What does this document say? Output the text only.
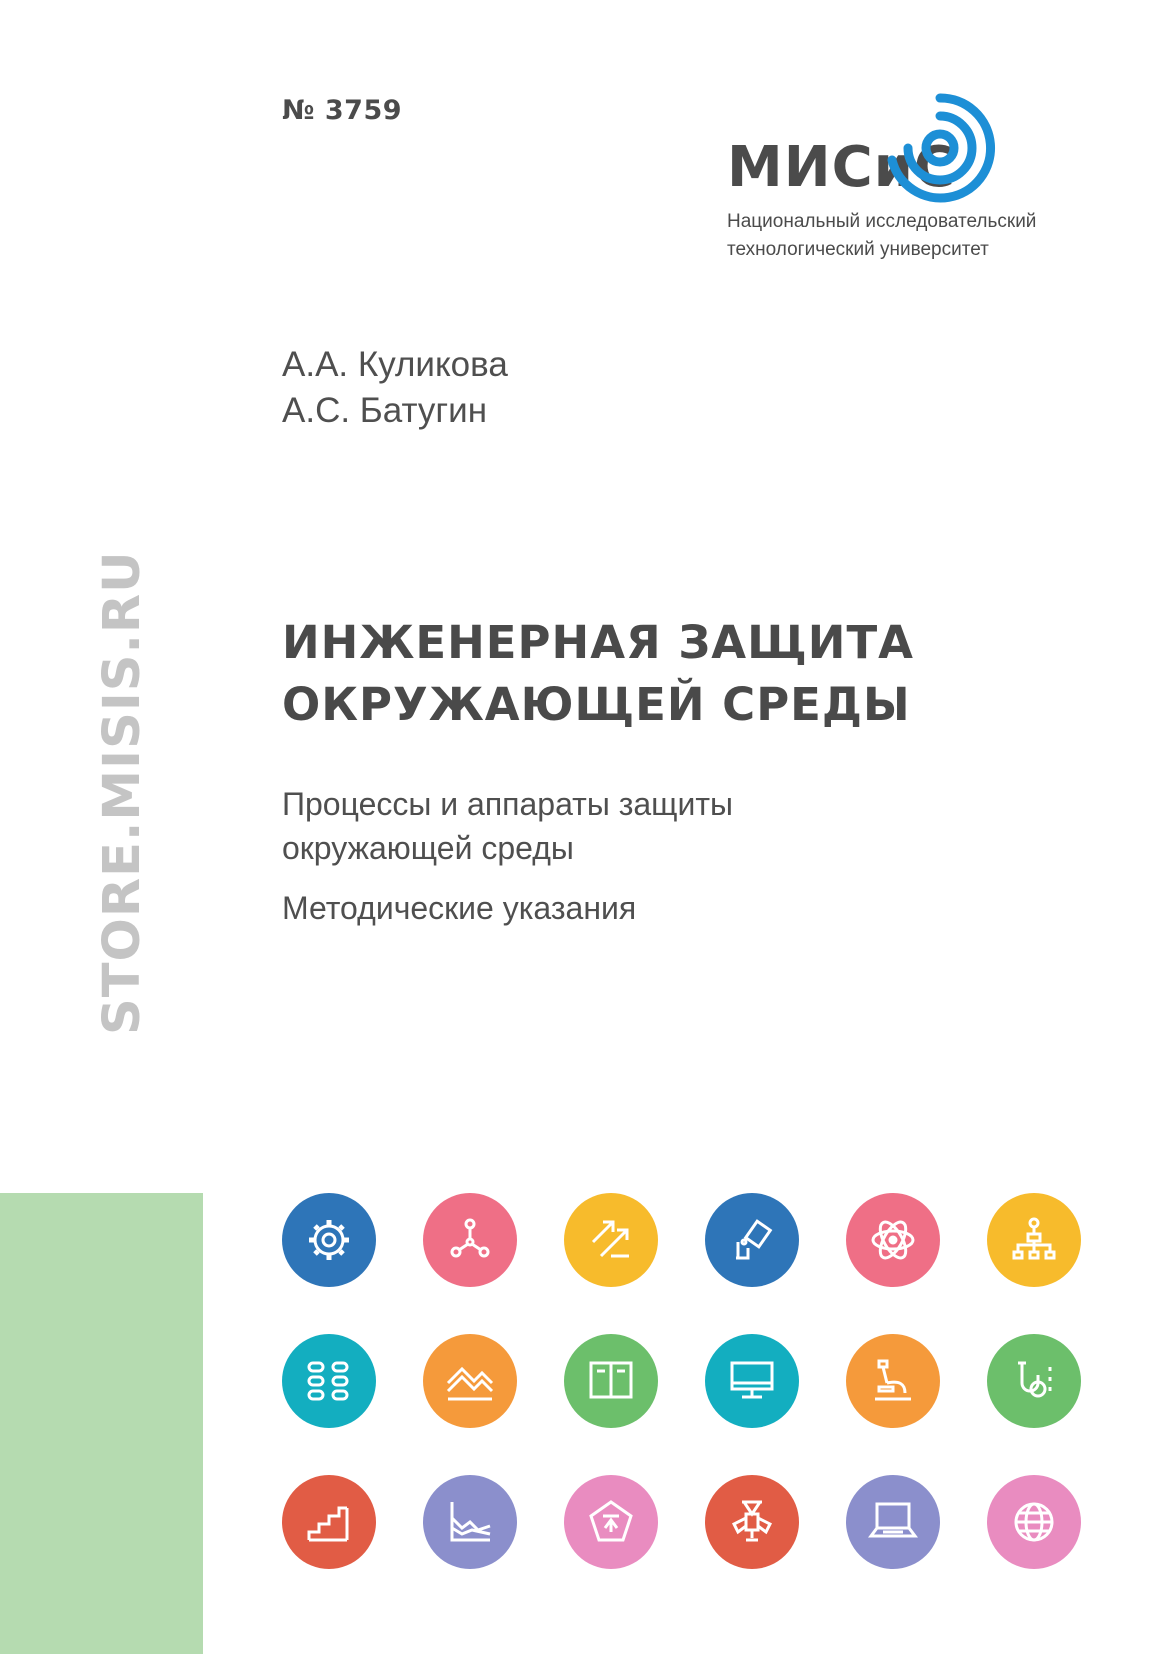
№ 3759
МИСиС
Национальный исследовательский
технологический университет
А.А. Куликова
А.С. Батугин
ИНЖЕНЕРНАЯ ЗАЩИТА
ОКРУЖАЮЩЕЙ СРЕДЫ
Процессы и аппараты защиты
окружающей среды
Методические указания
STORE.MISIS.RU
